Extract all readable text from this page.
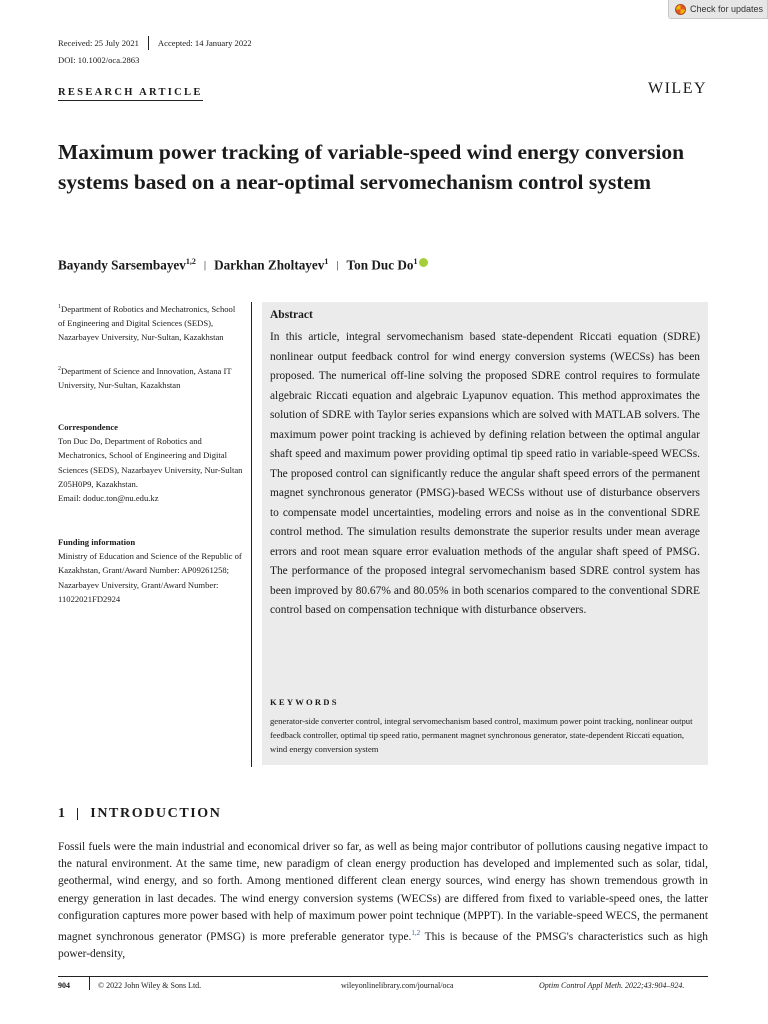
Check for updates
Received: 25 July 2021 Accepted: 14 January 2022
DOI: 10.1002/oca.2863
RESEARCH ARTICLE	WILEY
Maximum power tracking of variable-speed wind energy conversion systems based on a near-optimal servomechanism control system
Bayandy Sarsembayev$^{1,2}$ | Darkhan Zholtayev$^1$ | Ton Duc Do$^1$
$^1$Department of Robotics and Mechatronics, School of Engineering and Digital Sciences (SEDS), Nazarbayev University, Nur-Sultan, Kazakhstan
$^2$Department of Science and Innovation, Astana IT University, Nur-Sultan, Kazakhstan
Correspondence
Ton Duc Do, Department of Robotics and Mechatronics, School of Engineering and Digital Sciences (SEDS), Nazarbayev University, Nur-Sultan Z05H0P9, Kazakhstan.
Email: doduc.ton@nu.edu.kz
Funding information
Ministry of Education and Science of the Republic of Kazakhstan, Grant/Award Number: AP09261258; Nazarbayev University, Grant/Award Number: 11022021FD2924
Abstract
In this article, integral servomechanism based state-dependent Riccati equation (SDRE) nonlinear output feedback control for wind energy conversion systems (WECSs) has been proposed. The numerical off-line solving the proposed SDRE control requires to formulate algebraic Riccati equation and algebraic Lyapunov equation. This method approximates the solution of SDRE with Taylor series expansions which are solved with MATLAB solvers. The maximum power point tracking is achieved by defining relation between the optimal angular shaft speed and maximum power providing optimal tip speed ratio in variable-speed WECSs. The proposed control can significantly reduce the angular shaft speed errors of the permanent magnet synchronous generator (PMSG)-based WECSs without use of disturbance observers to compensate model uncertainties, modeling errors and noise as in the conventional SDRE control method. The simulation results demonstrate the superior results under mean average errors and root mean square error evaluation methods of the angular shaft speed of PMSG. The performance of the proposed integral servomechanism based SDRE control system has been improved by 80.67% and 80.05% in both scenarios compared to the conventional SDRE control based on compensation technique with disturbance observers.
KEYWORDS
generator-side converter control, integral servomechanism based control, maximum power point tracking, nonlinear output feedback controller, optimal tip speed ratio, permanent magnet synchronous generator, state-dependent Riccati equation, wind energy conversion system
1 INTRODUCTION
Fossil fuels were the main industrial and economical driver so far, as well as being major contributor of pollutions causing negative impact to the natural environment. At the same time, new paradigm of clean energy production has developed and implemented such as solar, tidal, geothermal, wind energy, and so forth. Among mentioned different clean energy sources, wind energy has shown tremendous growth in energy generation in last decades. The wind energy conversion systems (WECSs) are differed from fixed to variable-speed ones, the latter configuration captures more power based with help of maximum power point technique (MPPT). In the variable-speed WECS, the permanent magnet synchronous generator (PMSG) is more preferable generator type.$^{1,2}$ This is because of the PMSG's characteristics such as high power-density,
904	© 2022 John Wiley & Sons Ltd.	wileyonlinelibrary.com/journal/oca	Optim Control Appl Meth. 2022;43:904–924.
